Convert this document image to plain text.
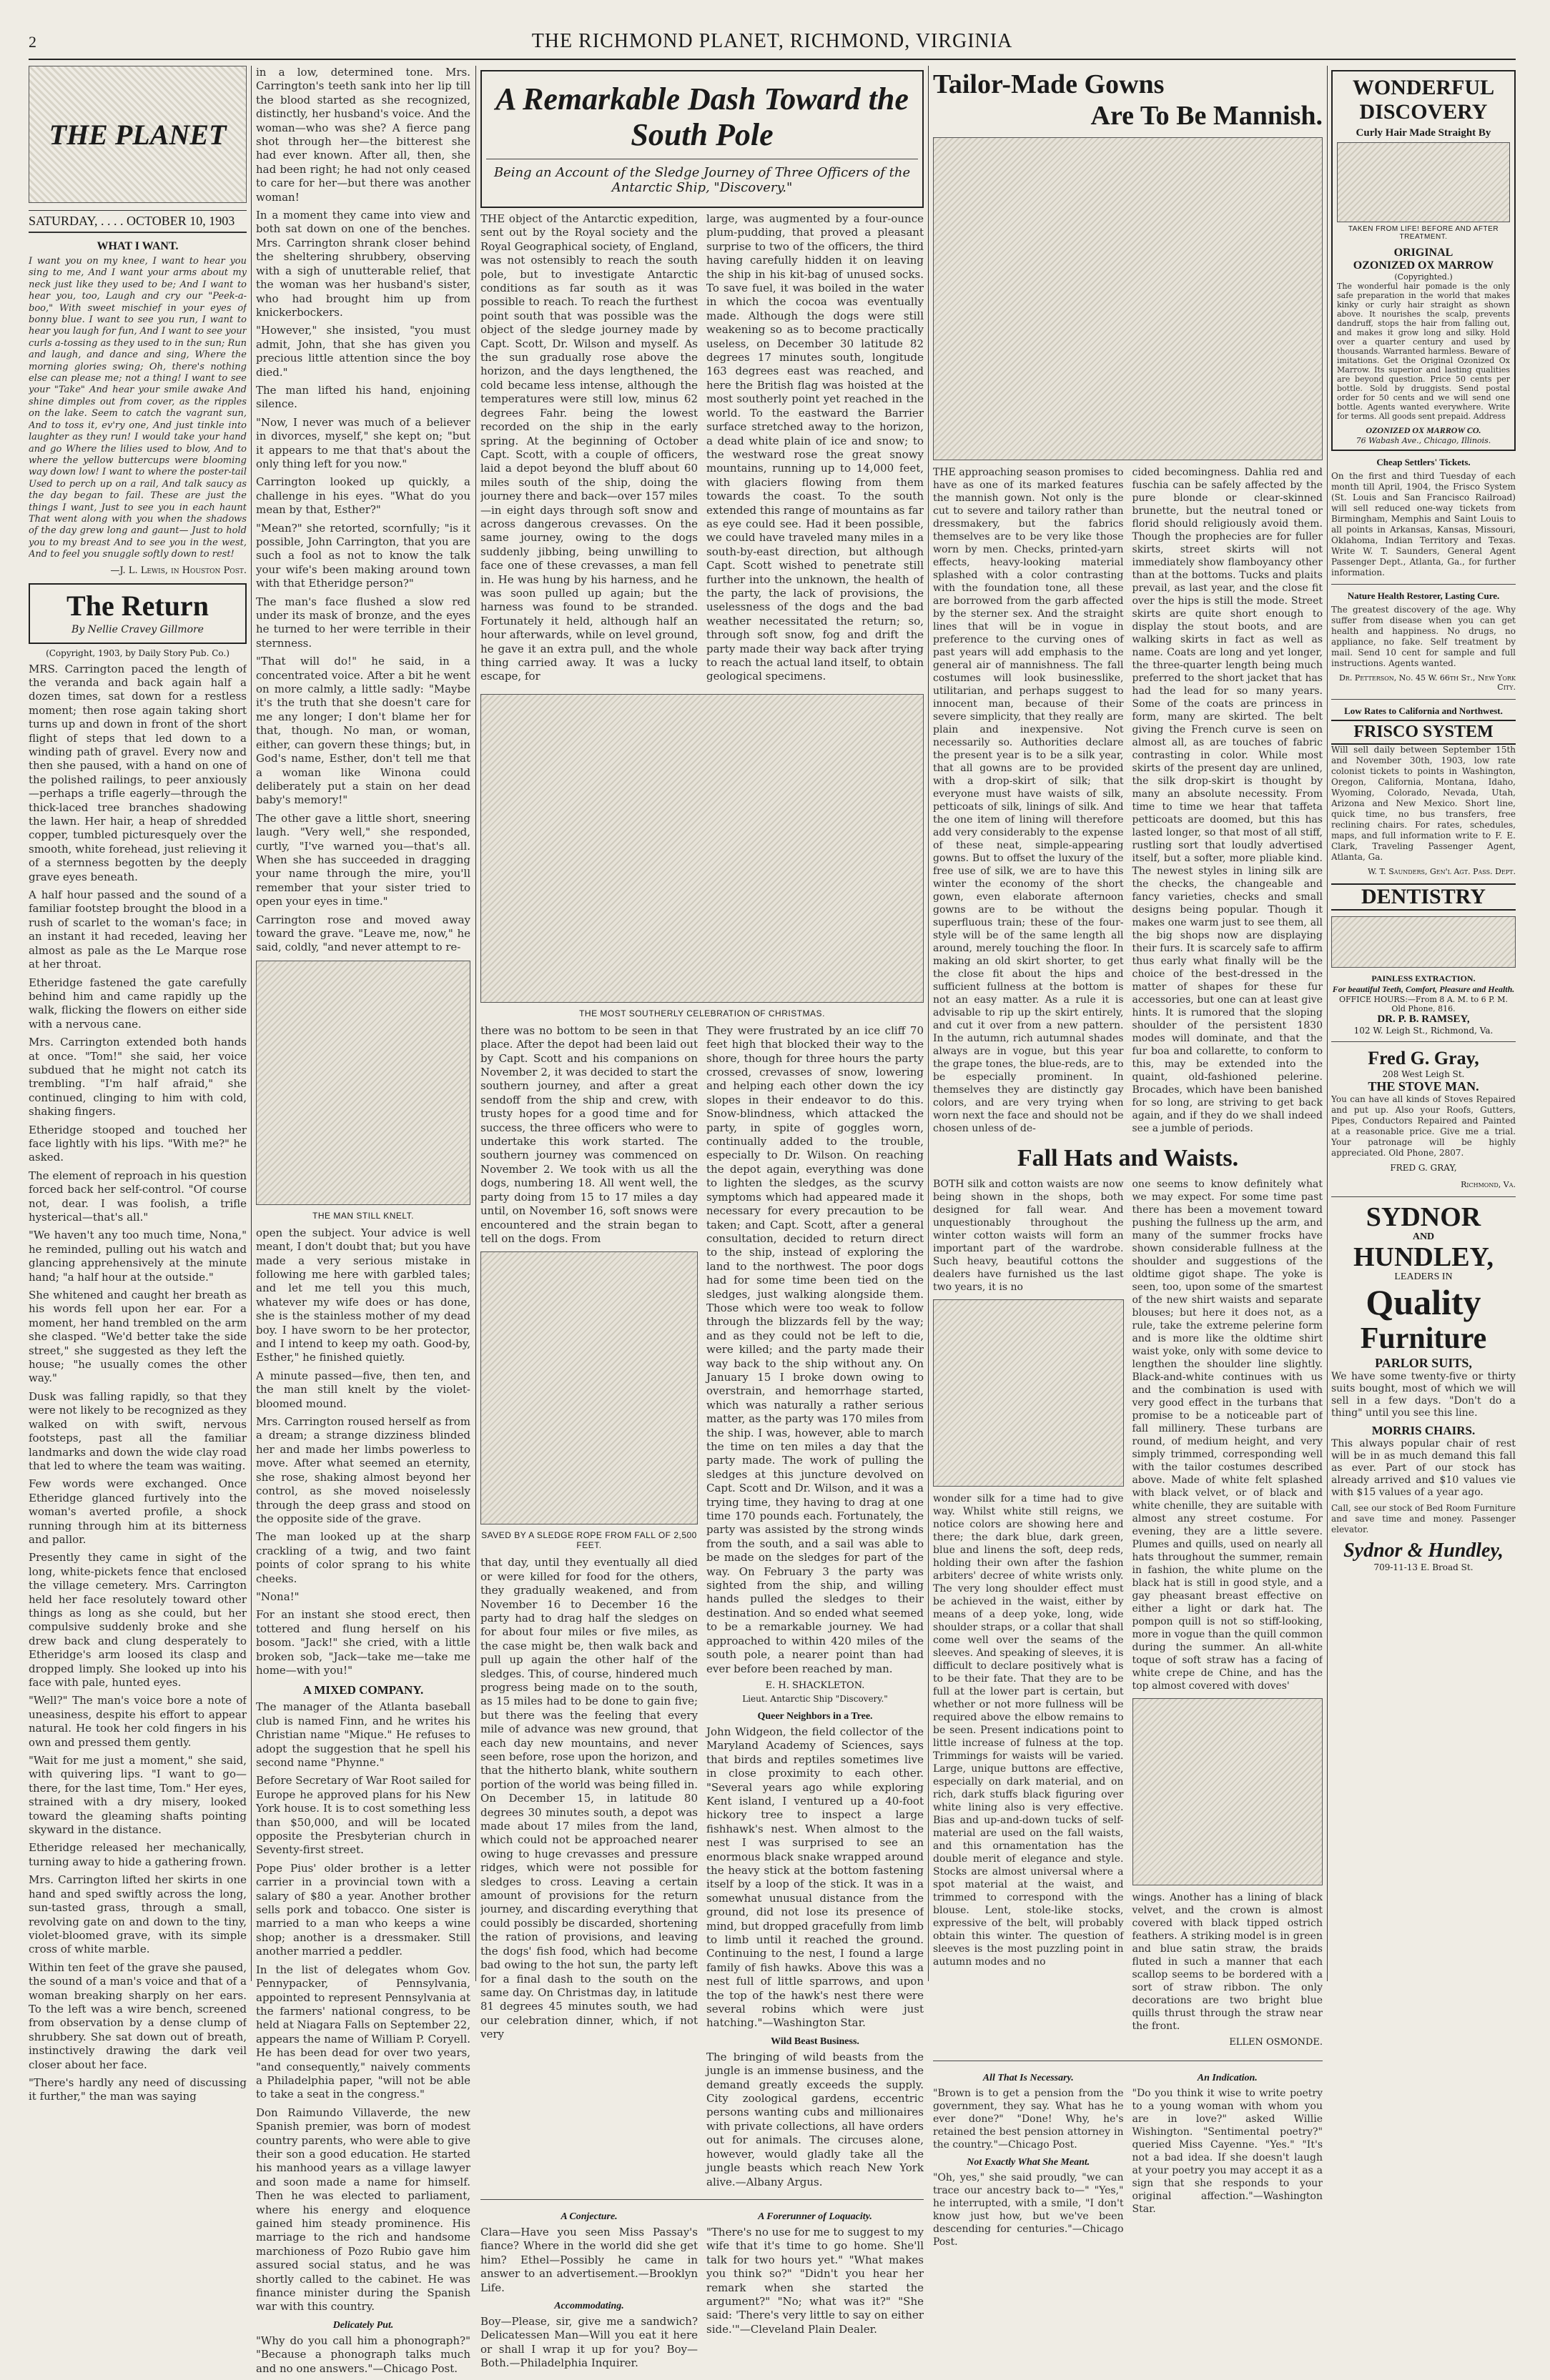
2	THE RICHMOND PLANET, RICHMOND, VIRGINIA
THE PLANET
SATURDAY, . . . . OCTOBER 10, 1903
WHAT I WANT.

I want you on my knee, I want to hear you sing to me, And I want your arms about my neck just like they used to be; And I want to hear you, too, Laugh and cry our "Peek-a-boo," With sweet mischief in your eyes of bonny blue. I want to see you run, I want to hear you laugh for fun, And I want to see your curls a-tossing as they used to in the sun; Run and laugh, and dance and sing, Where the morning glories swing; Oh, there's nothing else can please me; not a thing! I want to see your "Take" And hear your smile awake And shine dimples out from cover, as the ripples on the lake. Seem to catch the vagrant sun, And to toss it, ev'ry one, And just tinkle into laughter as they run! I would take your hand and go Where the lilies used to blow, And to where the yellow buttercups were blooming way down low! I want to where the poster-tail Used to perch up on a rail, And talk saucy as the day began to fail. These are just the things I want, Just to see you in each haunt That went along with you when the shadows of the day grew long and gaunt— Just to hold you to my breast And to see you in the west, And to feel you snuggle softly down to rest!

—J. L. Lewis, in Houston Post.
The Return
By Nellie Cravey Gillmore
(Copyright, 1903, by Daily Story Pub. Co.)

MRS. Carrington paced the length of the veranda and back again half a dozen times, sat down for a restless moment; then rose again taking short turns up and down in front of the short flight of steps that led down to a winding path of gravel. Every now and then she paused, with a hand on one of the polished railings, to peer anxiously—perhaps a trifle eagerly—through the thick-laced tree branches shadowing the lawn. Her hair, a heap of shredded copper, tumbled picturesquely over the smooth, white forehead, just relieving it of a sternness begotten by the deeply grave eyes beneath.

A half hour passed and the sound of a familiar footstep brought the blood in a rush of scarlet to the woman's face; in an instant it had receded, leaving her almost as pale as the Le Marque rose at her throat.

Etheridge fastened the gate carefully behind him and came rapidly up the walk, flicking the flowers on either side with a nervous cane.

Mrs. Carrington extended both hands at once. "Tom!" she said, her voice subdued that he might not catch its trembling. "I'm half afraid," she continued, clinging to him with cold, shaking fingers.

Etheridge stooped and touched her face lightly with his lips. "With me?" he asked.

The element of reproach in his question forced back her self-control. "Of course not, dear. I was foolish, a trifle hysterical—that's all."

"We haven't any too much time, Nona," he reminded, pulling out his watch and glancing apprehensively at the minute hand; "a half hour at the outside."

She whitened and caught her breath as his words fell upon her ear. For a moment, her hand trembled on the arm she clasped. "We'd better take the side street," she suggested as they left the house; "he usually comes the other way."

Dusk was falling rapidly, so that they were not likely to be recognized as they walked on with swift, nervous footsteps, past all the familiar landmarks and down the wide clay road that led to where the team was waiting.

Few words were exchanged. Once Etheridge glanced furtively into the woman's averted profile, a shock running through him at its bitterness and pallor.

Presently they came in sight of the long, white-pickets fence that enclosed the village cemetery. Mrs. Carrington held her face resolutely toward other things as long as she could, but her compulsive suddenly broke and she drew back and clung desperately to Etheridge's arm loosed its clasp and dropped limply. She looked up into his face with pale, hunted eyes.

"Well?" The man's voice bore a note of uneasiness, despite his effort to appear natural. He took her cold fingers in his own and pressed them gently.

"Wait for me just a moment," she said, with quivering lips. "I want to go—there, for the last time, Tom." Her eyes, strained with a dry misery, looked toward the gleaming shafts pointing skyward in the distance.

Etheridge released her mechanically, turning away to hide a gathering frown.

Mrs. Carrington lifted her skirts in one hand and sped swiftly across the long, sun-tasted grass, through a small, revolving gate on and down to the tiny, violet-bloomed grave, with its simple cross of white marble.

Within ten feet of the grave she paused, the sound of a man's voice and that of a woman breaking sharply on her ears. To the left was a wire bench, screened from observation by a dense clump of shrubbery. She sat down out of breath, instinctively drawing the dark veil closer about her face.

"There's hardly any need of discussing it further," the man was saying

in a low, determined tone. Mrs. Carrington's teeth sank into her lip till the blood started as she recognized, distinctly, her husband's voice. And the woman—who was she? A fierce pang shot through her—the bitterest she had ever known. After all, then, she had been right; he had not only ceased to care for her—but there was another woman!

In a moment they came into view and both sat down on one of the benches. Mrs. Carrington shrank closer behind the sheltering shrubbery, observing with a sigh of unutterable relief, that the woman was her husband's sister, who had brought him up from knickerbockers.

"However," she insisted, "you must admit, John, that she has given you precious little attention since the boy died."

The man lifted his hand, enjoining silence.

"Now, I never was much of a believer in divorces, myself," she kept on; "but it appears to me that that's about the only thing left for you now."

Carrington looked up quickly, a challenge in his eyes. "What do you mean by that, Esther?"

"Mean?" she retorted, scornfully; "is it possible, John Carrington, that you are such a fool as not to know the talk your wife's been making around town with that Etheridge person?"

The man's face flushed a slow red under its mask of bronze, and the eyes he turned to her were terrible in their sternness.

"That will do!" he said, in a concentrated voice. After a bit he went on more calmly, a little sadly: "Maybe it's the truth that she doesn't care for me any longer; I don't blame her for that, though. No man, or woman, either, can govern these things; but, in God's name, Esther, don't tell me that a woman like Winona could deliberately put a stain on her dead baby's memory!"

The other gave a little short, sneering laugh. "Very well," she responded, curtly, "I've warned you—that's all. When she has succeeded in dragging your name through the mire, you'll remember that your sister tried to open your eyes in time."

Carrington rose and moved away toward the grave. "Leave me, now," he said, coldly, "and never attempt to re-

THE MAN STILL KNELT.

open the subject. Your advice is well meant, I don't doubt that; but you have made a very serious mistake in following me here with garbled tales; and let me tell you this much, whatever my wife does or has done, she is the stainless mother of my dead boy. I have sworn to be her protector, and I intend to keep my oath. Good-by, Esther," he finished quietly.

A minute passed—five, then ten, and the man still knelt by the violet-bloomed mound.

Mrs. Carrington roused herself as from a dream; a strange dizziness blinded her and made her limbs powerless to move. After what seemed an eternity, she rose, shaking almost beyond her control, as she moved noiselessly through the deep grass and stood on the opposite side of the grave.

The man looked up at the sharp crackling of a twig, and two faint points of color sprang to his white cheeks.

"Nona!"

For an instant she stood erect, then tottered and flung herself on his bosom. "Jack!" she cried, with a little broken sob, "Jack—take me—take me home—with you!"

A MIXED COMPANY.

The manager of the Atlanta baseball club is named Finn, and he writes his Christian name "Mique." He refuses to adopt the suggestion that he spell his second name "Phynne."

Before Secretary of War Root sailed for Europe he approved plans for his New York house. It is to cost something less than $50,000, and will be located opposite the Presbyterian church in Seventy-first street.

Pope Pius' older brother is a letter carrier in a provincial town with a salary of $80 a year. Another brother sells pork and tobacco. One sister is married to a man who keeps a wine shop; another is a dressmaker. Still another married a peddler.

In the list of delegates whom Gov. Pennypacker, of Pennsylvania, appointed to represent Pennsylvania at the farmers' national congress, to be held at Niagara Falls on September 22, appears the name of William P. Coryell. He has been dead for over two years, "and consequently," naively comments a Philadelphia paper, "will not be able to take a seat in the congress."

Don Raimundo Villaverde, the new Spanish premier, was born of modest country parents, who were able to give their son a good education. He started his manhood years as a village lawyer and soon made a name for himself. Then he was elected to parliament, where his energy and eloquence gained him steady prominence. His marriage to the rich and handsome marchioness of Pozo Rubio gave him assured social status, and he was shortly called to the cabinet. He was finance minister during the Spanish war with this country.

Delicately Put.

"Why do you call him a phonograph?" "Because a phonograph talks much and no one answers."—Chicago Post.

A Remarkable Dash Toward the South Pole
Being an Account of the Sledge Journey of Three Officers of the Antarctic Ship, "Discovery."

THE object of the Antarctic expedition, sent out by the Royal society and the Royal Geographical society, of England, was not ostensibly to reach the south pole, but to investigate Antarctic conditions as far south as it was possible to reach. To reach the furthest point south that was possible was the object of the sledge journey made by Capt. Scott, Dr. Wilson and myself. As the sun gradually rose above the horizon, and the days lengthened, the cold became less intense, although the temperatures were still low, minus 62 degrees Fahr. being the lowest recorded on the ship in the early spring. At the beginning of October Capt. Scott, with a couple of officers, laid a depot beyond the bluff about 60 miles south of the ship, doing the journey there and back—over 157 miles—in eight days through soft snow and across dangerous crevasses. On the same journey, owing to the dogs suddenly jibbing, being unwilling to face one of these crevasses, a man fell in. He was hung by his harness, and he was soon pulled up again; but the harness was found to be stranded. Fortunately it held, although half an hour afterwards, while on level ground, he gave it an extra pull, and the whole thing carried away. It was a lucky escape, for

large, was augmented by a four-ounce plum-pudding, that proved a pleasant surprise to two of the officers, the third having carefully hidden it on leaving the ship in his kit-bag of unused socks. To save fuel, it was boiled in the water in which the cocoa was eventually made. Although the dogs were still weakening so as to become practically useless, on December 30 latitude 82 degrees 17 minutes south, longitude 163 degrees east was reached, and here the British flag was hoisted at the most southerly point yet reached in the world. To the eastward the Barrier surface stretched away to the horizon, a dead white plain of ice and snow; to the westward rose the great snowy mountains, running up to 14,000 feet, with glaciers flowing from them towards the coast. To the south extended this range of mountains as far as eye could see. Had it been possible, we could have traveled many miles in a south-by-east direction, but although Capt. Scott wished to penetrate still further into the unknown, the health of the party, the lack of provisions, the uselessness of the dogs and the bad weather necessitated the return; so, through soft snow, fog and drift the party made their way back after trying to reach the actual land itself, to obtain geological specimens.

THE MOST SOUTHERLY CELEBRATION OF CHRISTMAS.

there was no bottom to be seen in that place. After the depot had been laid out by Capt. Scott and his companions on November 2, it was decided to start the southern journey, and after a great sendoff from the ship and crew, with trusty hopes for a good time and for success, the three officers who were to undertake this work started. The southern journey was commenced on November 2. We took with us all the dogs, numbering 18. All went well, the party doing from 15 to 17 miles a day until, on November 16, soft snows were encountered and the strain began to tell on the dogs. From

SAVED BY A SLEDGE ROPE FROM FALL OF 2,500 FEET.

that day, until they eventually all died or were killed for food for the others, they gradually weakened, and from November 16 to December 16 the party had to drag half the sledges on for about four miles or five miles, as the case might be, then walk back and pull up again the other half of the sledges. This, of course, hindered much progress being made on to the south, as 15 miles had to be done to gain five; but there was the feeling that every mile of advance was new ground, that each day new mountains, and never seen before, rose upon the horizon, and that the hitherto blank, white southern portion of the world was being filled in. On December 15, in latitude 80 degrees 30 minutes south, a depot was made about 17 miles from the land, which could not be approached nearer owing to huge crevasses and pressure ridges, which were not possible for sledges to cross. Leaving a certain amount of provisions for the return journey, and discarding everything that could possibly be discarded, shortening the ration of provisions, and leaving the dogs' fish food, which had become bad owing to the hot sun, the party left for a final dash to the south on the same day. On Christmas day, in latitude 81 degrees 45 minutes south, we had our celebration dinner, which, if not very

They were frustrated by an ice cliff 70 feet high that blocked their way to the shore, though for three hours the party crossed, crevasses of snow, lowering and helping each other down the icy slopes in their endeavor to do this. Snow-blindness, which attacked the party, in spite of goggles worn, continually added to the trouble, especially to Dr. Wilson. On reaching the depot again, everything was done to lighten the sledges, as the scurvy symptoms which had appeared made it necessary for every precaution to be taken; and Capt. Scott, after a general consultation, decided to return direct to the ship, instead of exploring the land to the northwest. The poor dogs had for some time been tied on the sledges, just walking alongside them. Those which were too weak to follow through the blizzards fell by the way; and as they could not be left to die, were killed; and the party made their way back to the ship without any. On January 15 I broke down owing to overstrain, and hemorrhage started, which was naturally a rather serious matter, as the party was 170 miles from the ship. I was, however, able to march the time on ten miles a day that the party made. The work of pulling the sledges at this juncture devolved on Capt. Scott and Dr. Wilson, and it was a trying time, they having to drag at one time 170 pounds each. Fortunately, the party was assisted by the strong winds from the south, and a sail was able to be made on the sledges for part of the way. On February 3 the party was sighted from the ship, and willing hands pulled the sledges to their destination. And so ended what seemed to be a remarkable journey. We had approached to within 420 miles of the south pole, a nearer point than had ever before been reached by man.

E. H. SHACKLETON.
Lieut. Antarctic Ship "Discovery."
Queer Neighbors in a Tree.

John Widgeon, the field collector of the Maryland Academy of Sciences, says that birds and reptiles sometimes live in close proximity to each other. "Several years ago while exploring Kent island, I ventured up a 40-foot hickory tree to inspect a large fishhawk's nest. When almost to the nest I was surprised to see an enormous black snake wrapped around the heavy stick at the bottom fastening itself by a loop of the stick. It was in a somewhat unusual distance from the ground, did not lose its presence of mind, but dropped gracefully from limb to limb until it reached the ground. Continuing to the nest, I found a large family of fish hawks. Above this was a nest full of little sparrows, and upon the top of the hawk's nest there were several robins which were just hatching."—Washington Star.

Wild Beast Business.

The bringing of wild beasts from the jungle is an immense business, and the demand greatly exceeds the supply. City zoological gardens, eccentric persons wanting cubs and millionaires with private collections, all have orders out for animals. The circuses alone, however, would gladly take all the jungle beasts which reach New York alive.—Albany Argus.

A Conjecture.

Clara—Have you seen Miss Passay's fiance? Where in the world did she get him? Ethel—Possibly he came in answer to an advertisement.—Brooklyn Life.

Accommodating.

Boy—Please, sir, give me a sandwich? Delicatessen Man—Will you eat it here or shall I wrap it up for you? Boy—Both.—Philadelphia Inquirer.

A Forerunner of Loquacity.

"There's no use for me to suggest to my wife that it's time to go home. She'll talk for two hours yet." "What makes you think so?" "Didn't you hear her remark when she started the argument?" "No; what was it?" "She said: 'There's very little to say on either side.'"—Cleveland Plain Dealer.

Tailor-Made Gowns
Are To Be Mannish.

THE approaching season promises to have as one of its marked features the mannish gown. Not only is the cut to severe and tailory rather than dressmakery, but the fabrics themselves are to be very like those worn by men. Checks, printed-yarn effects, heavy-looking material splashed with a color contrasting with the foundation tone, all these are borrowed from the garb affected by the sterner sex. And the straight lines that will be in vogue in preference to the curving ones of past years will add emphasis to the general air of mannishness. The fall costumes will look businesslike, utilitarian, and perhaps suggest to innocent man, because of their severe simplicity, that they really are plain and inexpensive. Not necessarily so. Authorities declare the present year is to be a silk year, that all gowns are to be provided with a drop-skirt of silk; that everyone must have waists of silk, petticoats of silk, linings of silk. And the one item of lining will therefore add very considerably to the expense of these neat, simple-appearing gowns. But to offset the luxury of the free use of silk, we are to have this winter the economy of the short gown, even elaborate afternoon gowns are to be without the superfluous train; these of the four-style will be of the same length all around, merely touching the floor. In making an old skirt shorter, to get the close fit about the hips and sufficient fullness at the bottom is not an easy matter. As a rule it is advisable to rip up the skirt entirely, and cut it over from a new pattern. In the autumn, rich autumnal shades always are in vogue, but this year the grape tones, the blue-reds, are to be especially prominent. In themselves they are distinctly gay colors, and are very trying when worn next the face and should not be chosen unless of de-

cided becomingness. Dahlia red and fuschia can be safely affected by the pure blonde or clear-skinned brunette, but the neutral toned or florid should religiously avoid them. Though the prophecies are for fuller skirts, street skirts will not immediately show flamboyancy other than at the bottoms. Tucks and plaits prevail, as last year, and the close fit over the hips is still the mode. Street skirts are quite short enough to display the stout boots, and are walking skirts in fact as well as name. Coats are long and yet longer, the three-quarter length being much preferred to the short jacket that has had the lead for so many years. Some of the coats are princess in form, many are skirted. The belt giving the French curve is seen on almost all, as are touches of fabric contrasting in color. While most skirts of the present day are unlined, the silk drop-skirt is thought by many an absolute necessity. From time to time we hear that taffeta petticoats are doomed, but this has lasted longer, so that most of all stiff, rustling sort that loudly advertised itself, but a softer, more pliable kind. The newest styles in lining silk are the checks, the changeable and fancy varieties, checks and small designs being popular. Though it makes one warm just to see them, all the big shops now are displaying their furs. It is scarcely safe to affirm thus early what finally will be the choice of the best-dressed in the matter of shapes for these fur accessories, but one can at least give hints. It is rumored that the sloping shoulder of the persistent 1830 modes will dominate, and that the fur boa and collarette, to conform to this, may be extended into the quaint, old-fashioned pelerine. Brocades, which have been banished for so long, are striving to get back again, and if they do we shall indeed see a jumble of periods.

Fall Hats and Waists.

BOTH silk and cotton waists are now being shown in the shops, both designed for fall wear. And unquestionably throughout the winter cotton waists will form an important part of the wardrobe. Such heavy, beautiful cottons the dealers have furnished us the last two years, it is no

wonder silk for a time had to give way. Whilst white still reigns, we notice colors are showing here and there; the dark blue, dark green, blue and linens the soft, deep reds, holding their own after the fashion arbiters' decree of white wrists only. The very long shoulder effect must be achieved in the waist, either by means of a deep yoke, long, wide shoulder straps, or a collar that shall come well over the seams of the sleeves. And speaking of sleeves, it is difficult to declare positively what is to be their fate. That they are to be full at the lower part is certain, but whether or not more fullness will be required above the elbow remains to be seen. Present indications point to little increase of fulness at the top. Trimmings for waists will be varied. Large, unique buttons are effective, especially on dark material, and on rich, dark stuffs black figuring over white lining also is very effective. Bias and up-and-down tucks of self-material are used on the fall waists, and this ornamentation has the double merit of elegance and style. Stocks are almost universal where a spot material at the waist, and trimmed to correspond with the blouse. Lent, stole-like stocks, expressive of the belt, will probably obtain this winter. The question of sleeves is the most puzzling point in autumn modes and no

one seems to know definitely what we may expect. For some time past there has been a movement toward pushing the fullness up the arm, and many of the summer frocks have shown considerable fullness at the shoulder and suggestions of the oldtime gigot shape. The yoke is seen, too, upon some of the smartest of the new shirt waists and separate blouses; but here it does not, as a rule, take the extreme pelerine form and is more like the oldtime shirt waist yoke, only with some device to lengthen the shoulder line slightly. Black-and-white continues with us and the combination is used with very good effect in the turbans that promise to be a noticeable part of fall millinery. These turbans are round, of medium height, and very simply trimmed, corresponding well with the tailor costumes described above. Made of white felt splashed with black velvet, or of black and white chenille, they are suitable with almost any street costume. For evening, they are a little severe. Plumes and quills, used on nearly all hats throughout the summer, remain in fashion, the white plume on the black hat is still in good style, and a gay pheasant breast effective on either a light or dark hat. The pompon quill is not so stiff-looking, more in vogue than the quill common during the summer. An all-white toque of soft straw has a facing of white crepe de Chine, and has the top almost covered with doves'

wings. Another has a lining of black velvet, and the crown is almost covered with black tipped ostrich feathers. A striking model is in green and blue satin straw, the braids fluted in such a manner that each scallop seems to be bordered with a sort of straw ribbon. The only decorations are two bright blue quills thrust through the straw near the front.

ELLEN OSMONDE.
All That Is Necessary.

"Brown is to get a pension from the government, they say. What has he ever done?" "Done! Why, he's retained the best pension attorney in the country."—Chicago Post.

Not Exactly What She Meant.

"Oh, yes," she said proudly, "we can trace our ancestry back to—" "Yes," he interrupted, with a smile, "I don't know just how, but we've been descending for centuries."—Chicago Post.

An Indication.

"Do you think it wise to write poetry to a young woman with whom you are in love?" asked Willie Wishington. "Sentimental poetry?" queried Miss Cayenne. "Yes." "It's not a bad idea. If she doesn't laugh at your poetry you may accept it as a sign that she responds to your original affection."—Washington Star.

WONDERFUL
DISCOVERY
Curly Hair Made Straight By
TAKEN FROM LIFE! BEFORE AND AFTER TREATMENT.
ORIGINAL
OZONIZED OX MARROW
(Copyrighted.)

The wonderful hair pomade is the only safe preparation in the world that makes kinky or curly hair straight as shown above. It nourishes the scalp, prevents dandruff, stops the hair from falling out, and makes it grow long and silky. Hold over a quarter century and used by thousands. Warranted harmless. Beware of imitations. Get the Original Ozonized Ox Marrow. Its superior and lasting qualities are beyond question. Price 50 cents per bottle. Sold by druggists. Send postal order for 50 cents and we will send one bottle. Agents wanted everywhere. Write for terms. All goods sent prepaid. Address

OZONIZED OX MARROW CO.
76 Wabash Ave., Chicago, Illinois.
Cheap Settlers' Tickets.

On the first and third Tuesday of each month till April, 1904, the Frisco System (St. Louis and San Francisco Railroad) will sell reduced one-way tickets from Birmingham, Memphis and Saint Louis to all points in Arkansas, Kansas, Missouri, Oklahoma, Indian Territory and Texas. Write W. T. Saunders, General Agent Passenger Dept., Atlanta, Ga., for further information.

Nature Health Restorer, Lasting Cure.

The greatest discovery of the age. Why suffer from disease when you can get health and happiness. No drugs, no appliance, no fake. Self treatment by mail. Send 10 cent for sample and full instructions. Agents wanted.

Dr. Petterson, No. 45 W. 66th St., New York City.
Low Rates to California and Northwest.
FRISCO SYSTEM

Will sell daily between September 15th and November 30th, 1903, low rate colonist tickets to points in Washington, Oregon, California, Montana, Idaho, Wyoming, Colorado, Nevada, Utah, Arizona and New Mexico. Short line, quick time, no bus transfers, free reclining chairs. For rates, schedules, maps, and full information write to F. E. Clark, Traveling Passenger Agent, Atlanta, Ga.

W. T. Saunders, Gen'l Agt. Pass. Dept.
DENTISTRY
PAINLESS EXTRACTION.
For beautiful Teeth, Comfort, Pleasure and Health.
OFFICE HOURS:—From 8 A. M. to 6 P. M. Old Phone, 816.
DR. P. B. RAMSEY,
102 W. Leigh St., Richmond, Va.
Fred G. Gray,
208 West Leigh St.
THE STOVE MAN.

You can have all kinds of Stoves Repaired and put up. Also your Roofs, Gutters, Pipes, Conductors Repaired and Painted at a reasonable price. Give me a trial. Your patronage will be highly appreciated. Old Phone, 2807.

FRED G. GRAY,
Richmond, Va.
SYDNOR
AND
HUNDLEY,
LEADERS IN
Quality
Furniture
PARLOR SUITS,

We have some twenty-five or thirty suits bought, most of which we will sell in a few days. "Don't do a thing" until you see this line.

MORRIS CHAIRS.

This always popular chair of rest will be in as much demand this fall as ever. Part of our stock has already arrived and $10 values vie with $15 values of a year ago.

Call, see our stock of Bed Room Furniture and save time and money. Passenger elevator.

Sydnor & Hundley,
709-11-13 E. Broad St.
